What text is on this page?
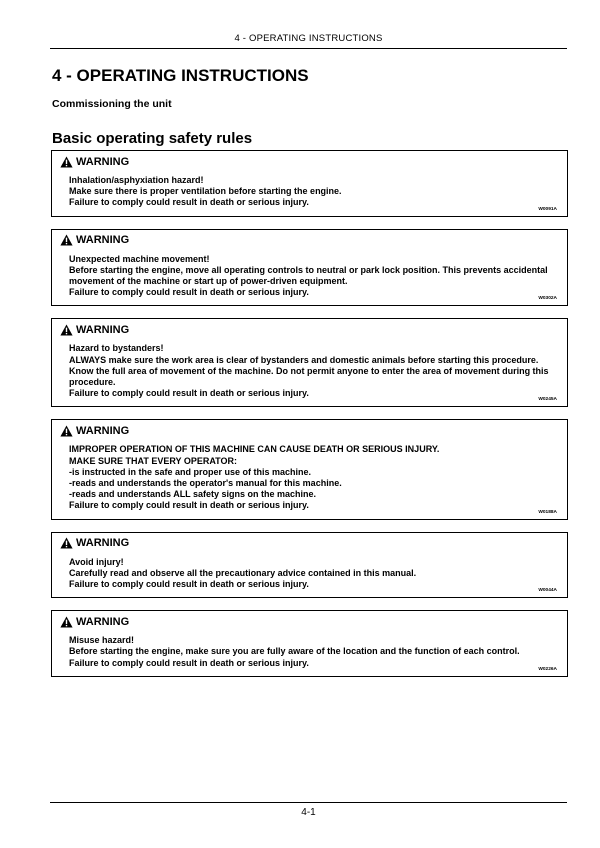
4 - OPERATING INSTRUCTIONS
4 - OPERATING INSTRUCTIONS
Commissioning the unit
Basic operating safety rules
WARNING
Inhalation/asphyxiation hazard!
Make sure there is proper ventilation before starting the engine.
Failure to comply could result in death or serious injury.
W0091A
WARNING
Unexpected machine movement!
Before starting the engine, move all operating controls to neutral or park lock position. This prevents accidental movement of the machine or start up of power-driven equipment.
Failure to comply could result in death or serious injury.
W0302A
WARNING
Hazard to bystanders!
ALWAYS make sure the work area is clear of bystanders and domestic animals before starting this procedure. Know the full area of movement of the machine. Do not permit anyone to enter the area of movement during this procedure.
Failure to comply could result in death or serious injury.
W0245A
WARNING
IMPROPER OPERATION OF THIS MACHINE CAN CAUSE DEATH OR SERIOUS INJURY.
MAKE SURE THAT EVERY OPERATOR:
-is instructed in the safe and proper use of this machine.
-reads and understands the operator's manual for this machine.
-reads and understands ALL safety signs on the machine.
Failure to comply could result in death or serious injury.
W0188A
WARNING
Avoid injury!
Carefully read and observe all the precautionary advice contained in this manual.
Failure to comply could result in death or serious injury.
W0044A
WARNING
Misuse hazard!
Before starting the engine, make sure you are fully aware of the location and the function of each control.
Failure to comply could result in death or serious injury.
W0226A
4-1
